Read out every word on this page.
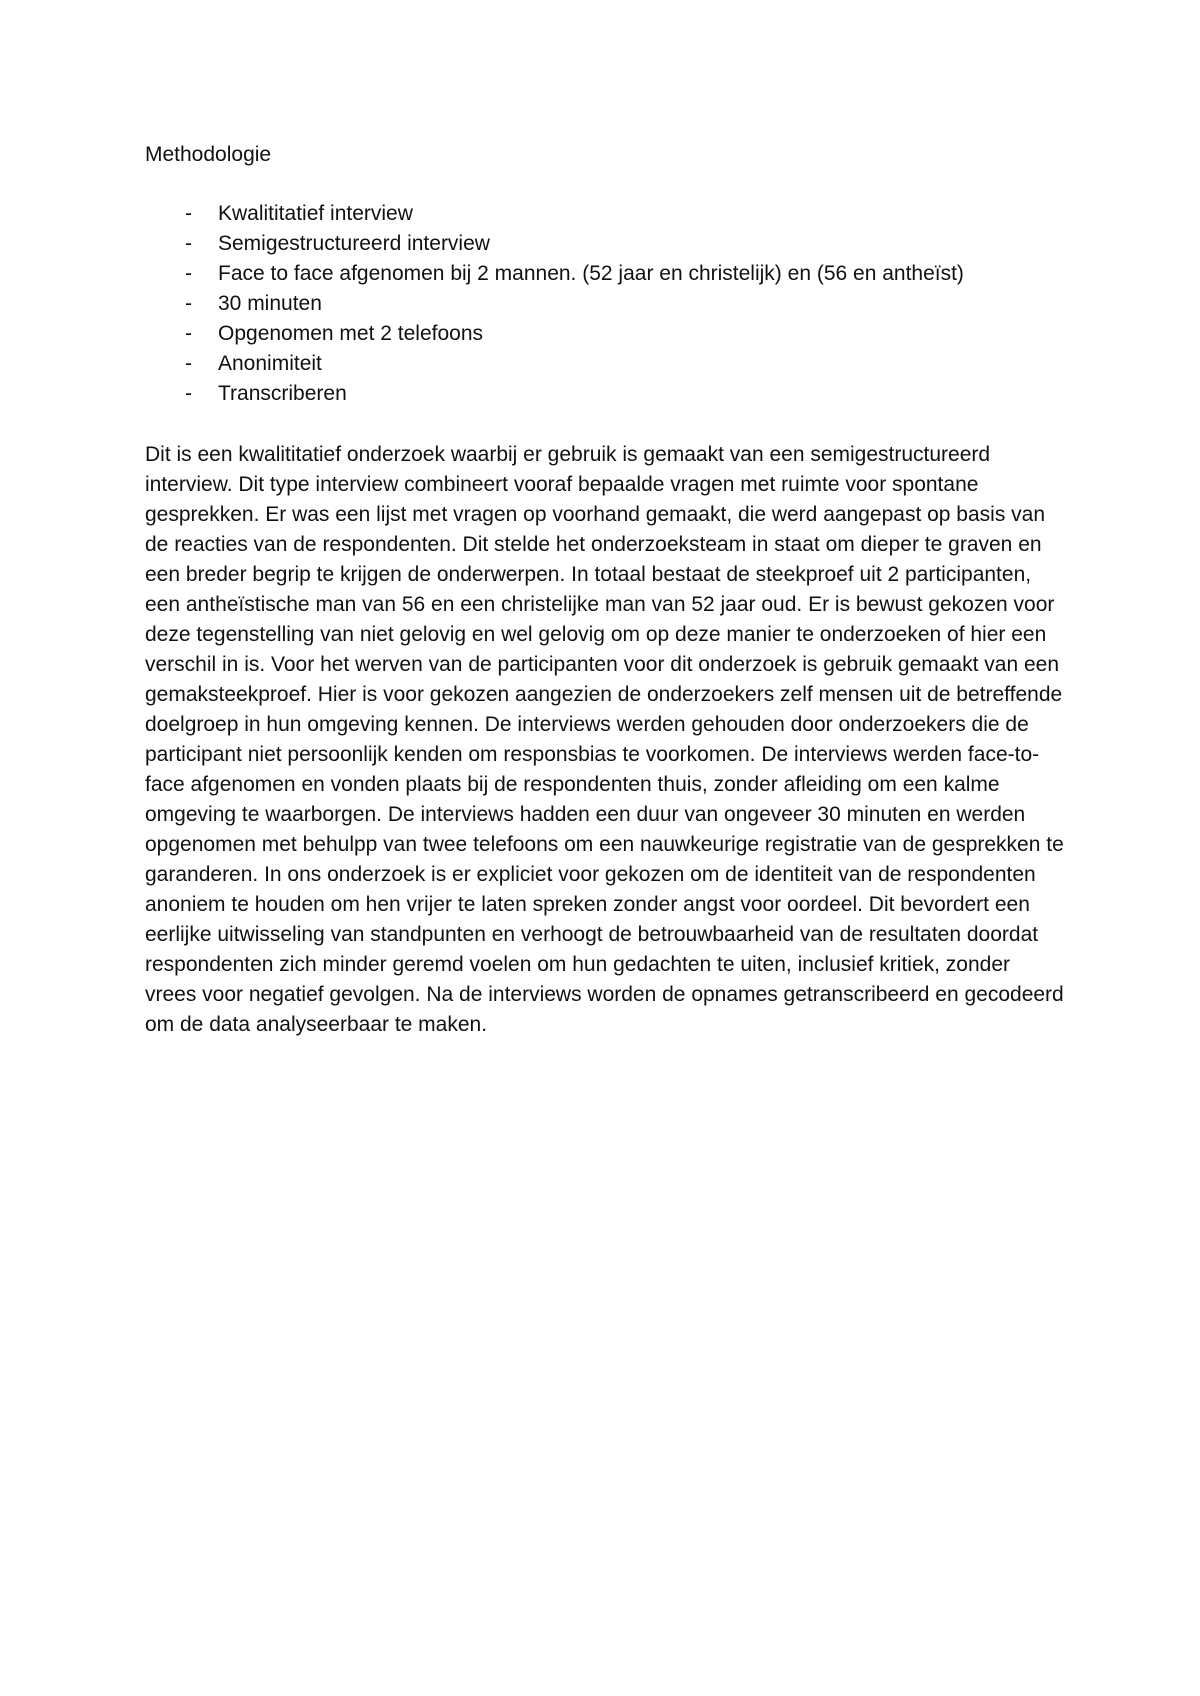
Methodologie
- Kwalititatief interview
- Semigestructureerd interview
- Face to face afgenomen bij 2 mannen. (52 jaar en christelijk) en (56 en antheïst)
- 30 minuten
- Opgenomen met 2 telefoons
- Anonimiteit
- Transcriberen

Dit is een kwalititatief onderzoek waarbij er gebruik is gemaakt van een semigestructureerd interview. Dit type interview combineert vooraf bepaalde vragen met ruimte voor spontane gesprekken. Er was een lijst met vragen op voorhand gemaakt, die werd aangepast op basis van de reacties van de respondenten. Dit stelde het onderzoeksteam in staat om dieper te graven en een breder begrip te krijgen de onderwerpen. In totaal bestaat de steekproef uit 2 participanten, een antheïstische man van 56 en een christelijke man van 52 jaar oud. Er is bewust gekozen voor deze tegenstelling van niet gelovig en wel gelovig om op deze manier te onderzoeken of hier een verschil in is. Voor het werven van de participanten voor dit onderzoek is gebruik gemaakt van een gemaksteekproef. Hier is voor gekozen aangezien de onderzoekers zelf mensen uit de betreffende doelgroep in hun omgeving kennen. De interviews werden gehouden door onderzoekers die de participant niet persoonlijk kenden om responsbias te voorkomen. De interviews werden face-to-face afgenomen en vonden plaats bij de respondenten thuis, zonder afleiding om een kalme omgeving te waarborgen. De interviews hadden een duur van ongeveer 30 minuten en werden opgenomen met behulpp van twee telefoons om een nauwkeurige registratie van de gesprekken te garanderen. In ons onderzoek is er expliciet voor gekozen om de identiteit van de respondenten anoniem te houden om hen vrijer te laten spreken zonder angst voor oordeel. Dit bevordert een eerlijke uitwisseling van standpunten en verhoogt de betrouwbaarheid van de resultaten doordat respondenten zich minder geremd voelen om hun gedachten te uiten, inclusief kritiek, zonder vrees voor negatief gevolgen. Na de interviews worden de opnames getranscribeerd en gecodeerd om de data analyseerbaar te maken.
